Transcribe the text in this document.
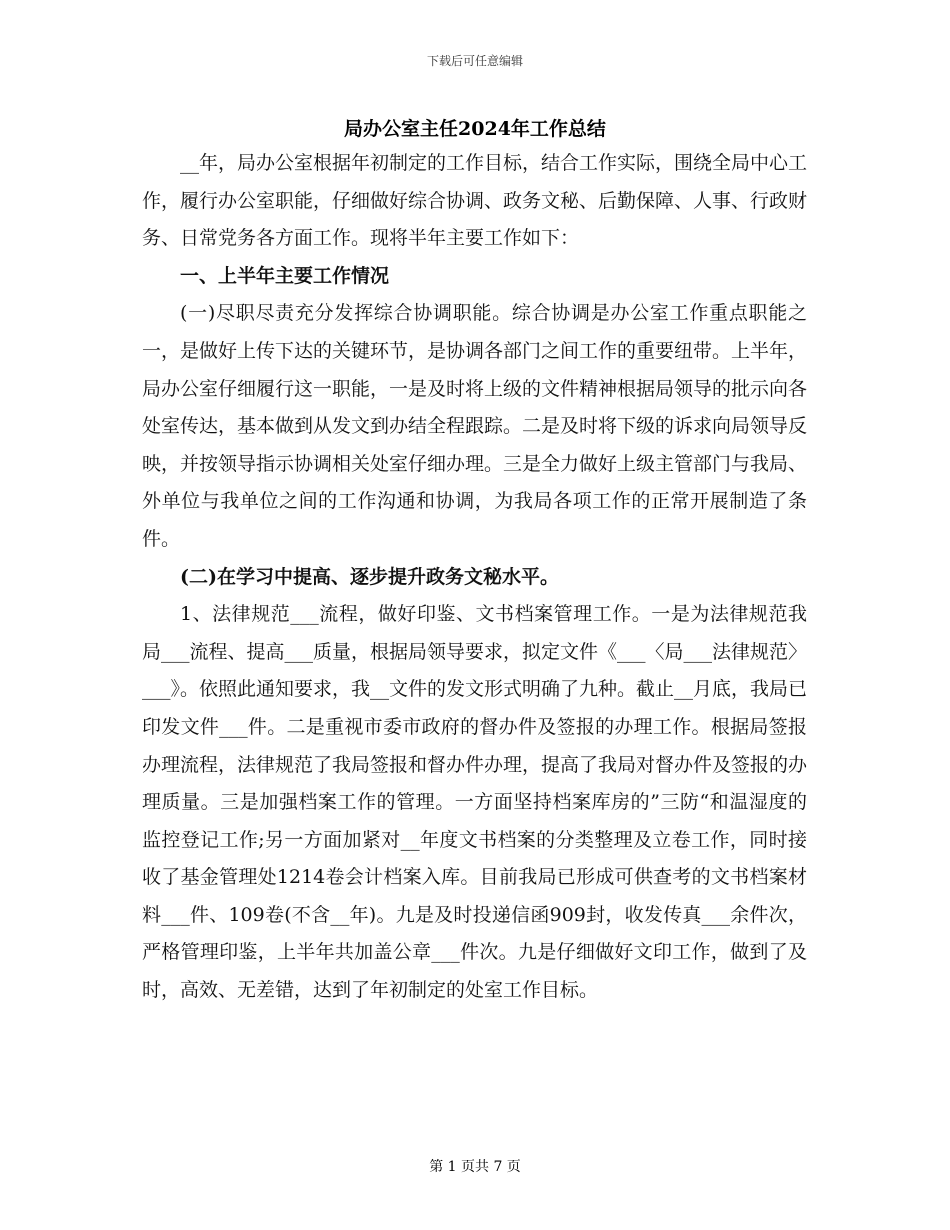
下载后可任意编辑
局办公室主任2024年工作总结

__年，局办公室根据年初制定的工作目标，结合工作实际，围绕全局中心工作，履行办公室职能，仔细做好综合协调、政务文秘、后勤保障、人事、行政财务、日常党务各方面工作。现将半年主要工作如下：

一、上半年主要工作情况

(一)尽职尽责充分发挥综合协调职能。综合协调是办公室工作重点职能之一，是做好上传下达的关键环节，是协调各部门之间工作的重要纽带。上半年，局办公室仔细履行这一职能，一是及时将上级的文件精神根据局领导的批示向各处室传达，基本做到从发文到办结全程跟踪。二是及时将下级的诉求向局领导反映，并按领导指示协调相关处室仔细办理。三是全力做好上级主管部门与我局、外单位与我单位之间的工作沟通和协调，为我局各项工作的正常开展制造了条件。

(二)在学习中提高、逐步提升政务文秘水平。

1、法律规范___流程，做好印鉴、文书档案管理工作。一是为法律规范我局___流程、提高___质量，根据局领导要求，拟定文件《___〈局___法律规范〉___》。依照此通知要求，我__文件的发文形式明确了九种。截止__月底，我局已印发文件___件。二是重视市委市政府的督办件及签报的办理工作。根据局签报办理流程，法律规范了我局签报和督办件办理，提高了我局对督办件及签报的办理质量。三是加强档案工作的管理。一方面坚持档案库房的”三防“和温湿度的监控登记工作;另一方面加紧对__年度文书档案的分类整理及立卷工作，同时接收了基金管理处1214卷会计档案入库。目前我局已形成可供查考的文书档案材料___件、109卷(不含__年)。九是及时投递信函909封，收发传真___余件次，严格管理印鉴，上半年共加盖公章___件次。九是仔细做好文印工作，做到了及时，高效、无差错，达到了年初制定的处室工作目标。

第 1 页共 7 页
